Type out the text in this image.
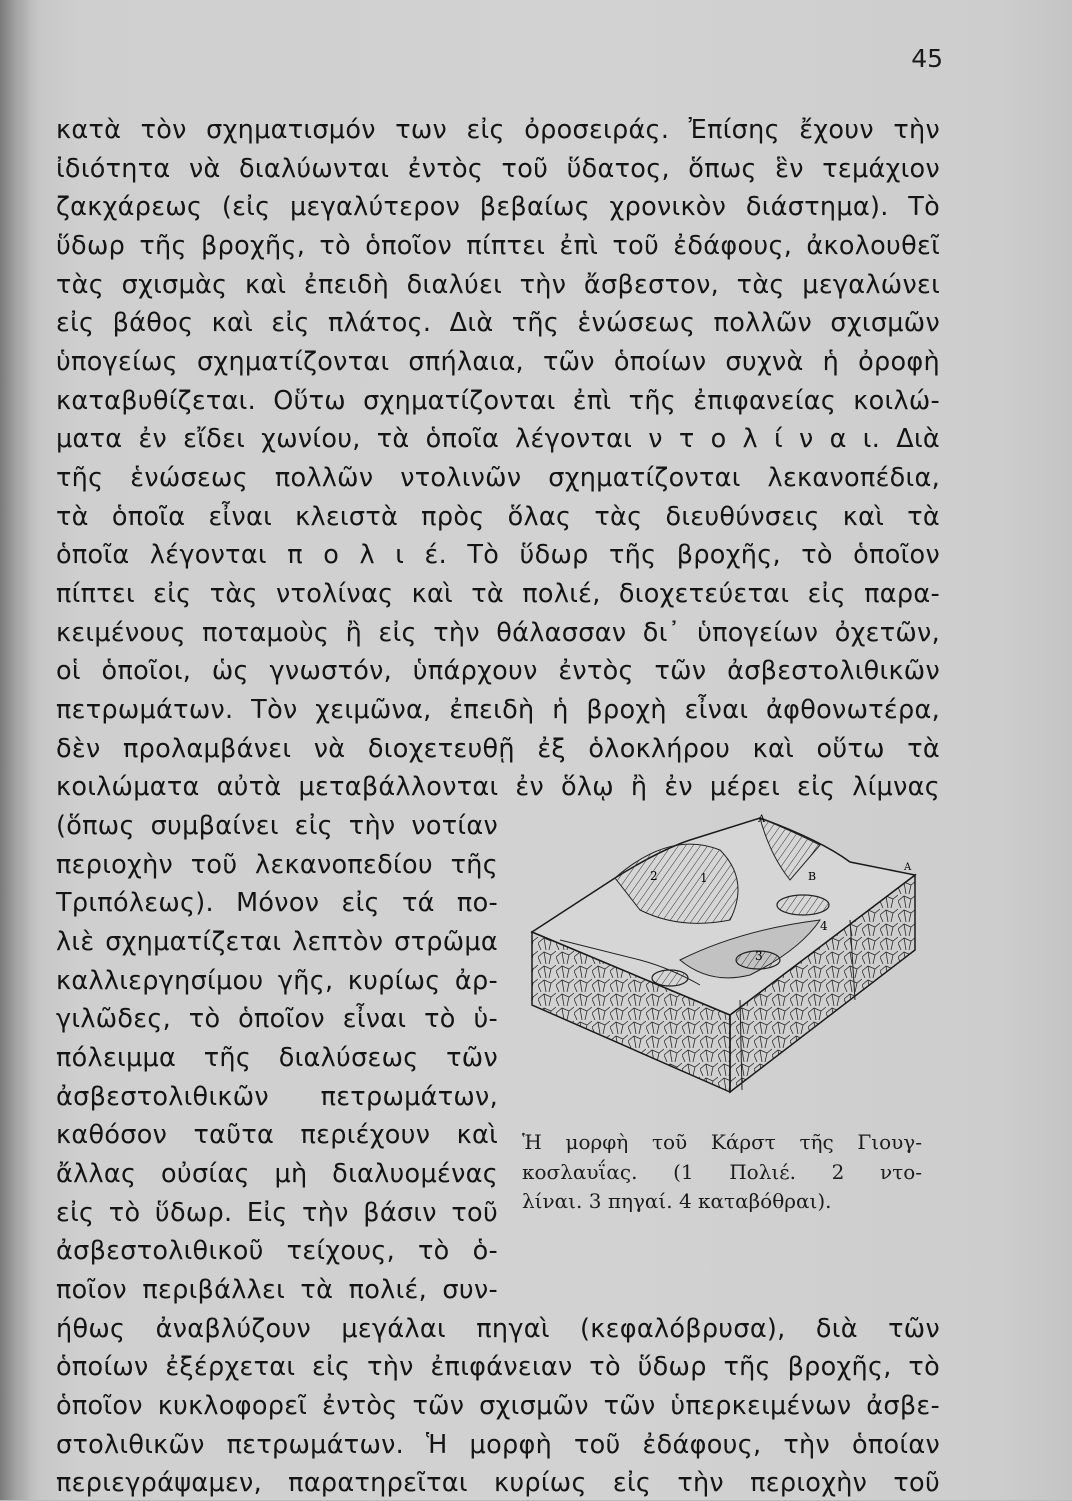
45
κατὰ τὸν σχηματισμόν των εἰς ὀροσειράς. Ἐπίσης ἔχουν τὴν
ἰδιότητα νὰ διαλύωνται ἐντὸς τοῦ ὕδατος, ὅπως ἓν τεμάχιον
ζακχάρεως (εἰς μεγαλύτερον βεβαίως χρονικὸν διάστημα). Τὸ
ὕδωρ τῆς βροχῆς, τὸ ὁποῖον πίπτει ἐπὶ τοῦ ἐδάφους, ἀκολουθεῖ
τὰς σχισμὰς καὶ ἐπειδὴ διαλύει τὴν ἄσβεστον, τὰς μεγαλώνει
εἰς βάθος καὶ εἰς πλάτος. Διὰ τῆς ἑνώσεως πολλῶν σχισμῶν
ὑπογείως σχηματίζονται σπήλαια, τῶν ὁποίων συχνὰ ἡ ὀροφὴ
καταβυθίζεται. Οὕτω σχηματίζονται ἐπὶ τῆς ἐπιφανείας κοιλώ-
ματα ἐν εἴδει χωνίου, τὰ ὁποῖα λέγονται ν τ ο λ ί ν α ι. Διὰ
τῆς ἑνώσεως πολλῶν ντολινῶν σχηματίζονται λεκανοπέδια,
τὰ ὁποῖα εἶναι κλειστὰ πρὸς ὅλας τὰς διευθύνσεις καὶ τὰ
ὁποῖα λέγονται π ο λ ι έ. Τὸ ὕδωρ τῆς βροχῆς, τὸ ὁποῖον
πίπτει εἰς τὰς ντολίνας καὶ τὰ πολιέ, διοχετεύεται εἰς παρα-
κειμένους ποταμοὺς ἢ εἰς τὴν θάλασσαν δι᾽ ὑπογείων ὀχετῶν,
οἱ ὁποῖοι, ὡς γνωστόν, ὑπάρχουν ἐντὸς τῶν ἀσβεστολιθικῶν
πετρωμάτων. Τὸν χειμῶνα, ἐπειδὴ ἡ βροχὴ εἶναι ἀφθονωτέρα,
δὲν προλαμβάνει νὰ διοχετευθῇ ἐξ ὁλοκλήρου καὶ οὕτω τὰ
κοιλώματα αὐτὰ μεταβάλλονται ἐν ὅλῳ ἢ ἐν μέρει εἰς λίμνας
(ὅπως συμβαίνει εἰς τὴν νοτίαν
περιοχὴν τοῦ λεκανοπεδίου τῆς
Τριπόλεως). Μόνον εἰς τά πο-
λιὲ σχηματίζεται λεπτὸν στρῶμα
καλλιεργησίμου γῆς, κυρίως ἀρ-
γιλῶδες, τὸ ὁποῖον εἶναι τὸ ὑ-
πόλειμμα τῆς διαλύσεως τῶν
ἀσβεστολιθικῶν πετρωμάτων,
καθόσον ταῦτα περιέχουν καὶ
ἄλλας οὐσίας μὴ διαλυομένας
εἰς τὸ ὕδωρ. Εἰς τὴν βάσιν τοῦ
ἀσβεστολιθικοῦ τείχους, τὸ ὁ-
ποῖον περιβάλλει τὰ πολιέ, συν-
ήθως ἀναβλύζουν μεγάλαι πηγαὶ (κεφαλόβρυσα), διὰ τῶν
ὁποίων ἐξέρχεται εἰς τὴν ἐπιφάνειαν τὸ ὕδωρ τῆς βροχῆς, τὸ
ὁποῖον κυκλοφορεῖ ἐντὸς τῶν σχισμῶν τῶν ὑπερκειμένων ἀσβε-
στολιθικῶν πετρωμάτων. Ἡ μορφὴ τοῦ ἐδάφους, τὴν ὁποίαν
περιεγράψαμεν, παρατηρεῖται κυρίως εἰς τὴν περιοχὴν τοῦ
1
2
3
4
Β
Α
Α
Ἡ μορφὴ τοῦ Κάρστ τῆς Γιουγ-
κοσλαυΐας. (1 Πολιέ. 2 ντο-
λίναι. 3 πηγαί. 4 καταβόθραι).
